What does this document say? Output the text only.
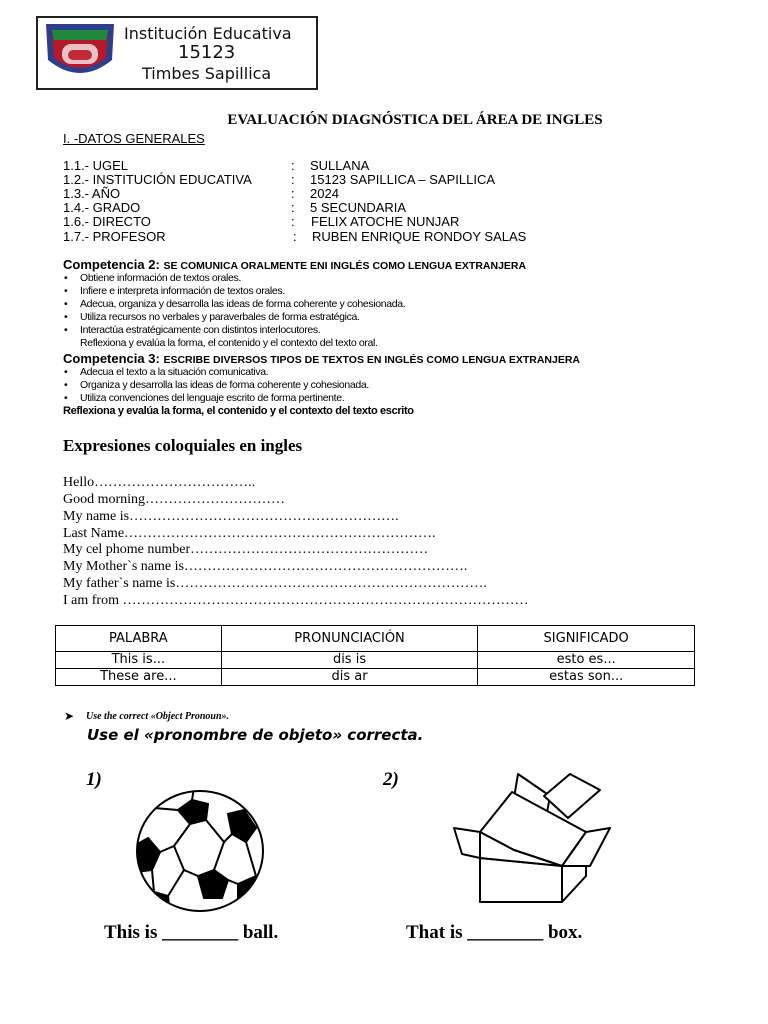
Institución Educativa
15123
Timbes Sapillica
EVALUACIÓN DIAGNÓSTICA DEL ÁREA DE INGLES
I. -DATOS GENERALES
1.1.- UGEL	: SULLANA
1.2.- INSTITUCIÓN EDUCATIVA	: 15123 SAPILLICA – SAPILLICA
1.3.- AÑO	: 2024
1.4.- GRADO	: 5 SECUNDARIA
1.6.- DIRECTO	: FELIX ATOCHE NUNJAR
1.7.- PROFESOR	: RUBEN ENRIQUE RONDOY SALAS
Competencia 2: SE COMUNICA ORALMENTE ENI INGLÉS COMO LENGUA EXTRANJERA
• Obtiene información de textos orales.
• Infiere e interpreta información de textos orales.
• Adecua, organiza y desarrolla las ideas de forma coherente y cohesionada.
• Utiliza recursos no verbales y paraverbales de forma estratégica.
• Interactúa estratégicamente con distintos interlocutores.
Reflexiona y evalúa la forma, el contenido y el contexto del texto oral.
Competencia 3: ESCRIBE DIVERSOS TIPOS DE TEXTOS EN INGLÉS COMO LENGUA EXTRANJERA
• Adecua el texto a la situación comunicativa.
• Organiza y desarrolla las ideas de forma coherente y cohesionada.
• Utiliza convenciones del lenguaje escrito de forma pertinente.
Reflexiona y evalúa la forma, el contenido y el contexto del texto escrito
Expresiones coloquiales en ingles
Hello……………………………..
Good morning…………………………
My name is………………………………………………….
Last Name………………………………………………………….
My cel phome number……………………………………………
My Mother`s name is…………………………………………………….
My father`s name is………………………………………………………….
I am from ……………………………………………………………………………
PALABRA	PRONUNCIACIÓN	SIGNIFICADO
This is...	dis is	esto es...
These are...	dis ar	estas son...
➤ Use the correct «Object Pronoun».
Use el «pronombre de objeto» correcta.
1)
This is ________ ball.
2)
That is ________ box.
